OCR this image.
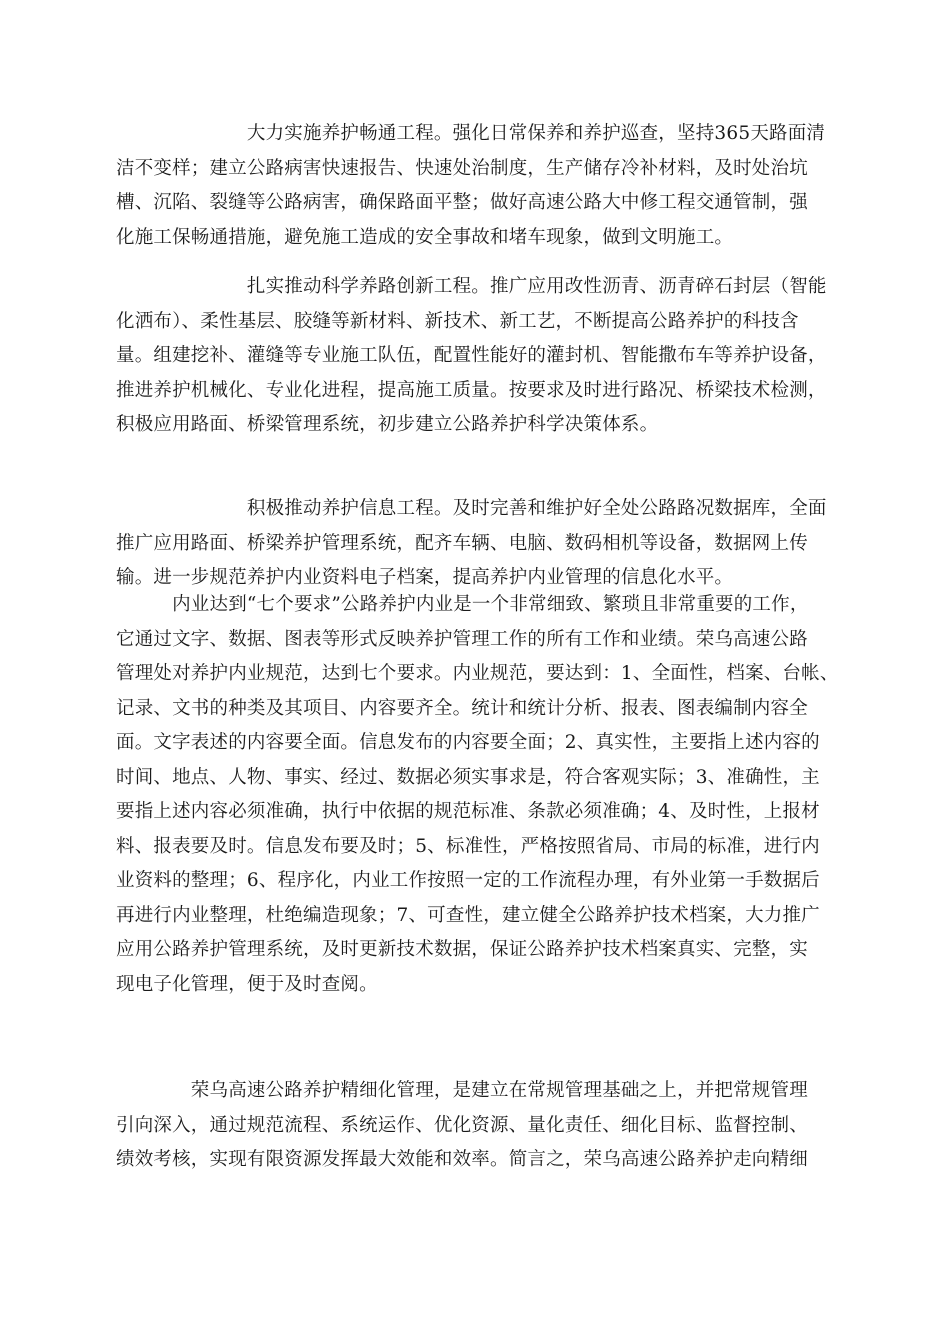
　　　　　　　大力实施养护畅通工程。强化日常保养和养护巡查，坚持365天路面清
洁不变样；建立公路病害快速报告、快速处治制度，生产储存冷补材料，及时处治坑
槽、沉陷、裂缝等公路病害，确保路面平整；做好高速公路大中修工程交通管制，强
化施工保畅通措施，避免施工造成的安全事故和堵车现象，做到文明施工。
　　　　　　　扎实推动科学养路创新工程。推广应用改性沥青、沥青碎石封层（智能
化洒布）、柔性基层、胶缝等新材料、新技术、新工艺，不断提高公路养护的科技含
量。组建挖补、灌缝等专业施工队伍，配置性能好的灌封机、智能撒布车等养护设备，
推进养护机械化、专业化进程，提高施工质量。按要求及时进行路况、桥梁技术检测，
积极应用路面、桥梁管理系统，初步建立公路养护科学决策体系。
　　　　　　　积极推动养护信息工程。及时完善和维护好全处公路路况数据库，全面
推广应用路面、桥梁养护管理系统，配齐车辆、电脑、数码相机等设备，数据网上传
输。进一步规范养护内业资料电子档案，提高养护内业管理的信息化水平。
　　　内业达到“七个要求”公路养护内业是一个非常细致、繁琐且非常重要的工作，
它通过文字、数据、图表等形式反映养护管理工作的所有工作和业绩。荣乌高速公路
管理处对养护内业规范，达到七个要求。内业规范，要达到：1、全面性，档案、台帐、
记录、文书的种类及其项目、内容要齐全。统计和统计分析、报表、图表编制内容全
面。文字表述的内容要全面。信息发布的内容要全面；2、真实性，主要指上述内容的
时间、地点、人物、事实、经过、数据必须实事求是，符合客观实际；3、准确性，主
要指上述内容必须准确，执行中依据的规范标准、条款必须准确；4、及时性，上报材
料、报表要及时。信息发布要及时；5、标准性，严格按照省局、市局的标准，进行内
业资料的整理；6、程序化，内业工作按照一定的工作流程办理，有外业第一手数据后
再进行内业整理，杜绝编造现象；7、可查性，建立健全公路养护技术档案，大力推广
应用公路养护管理系统，及时更新技术数据，保证公路养护技术档案真实、完整，实
现电子化管理，便于及时查阅。
　　　　荣乌高速公路养护精细化管理，是建立在常规管理基础之上，并把常规管理
引向深入，通过规范流程、系统运作、优化资源、量化责任、细化目标、监督控制、
绩效考核，实现有限资源发挥最大效能和效率。简言之，荣乌高速公路养护走向精细
